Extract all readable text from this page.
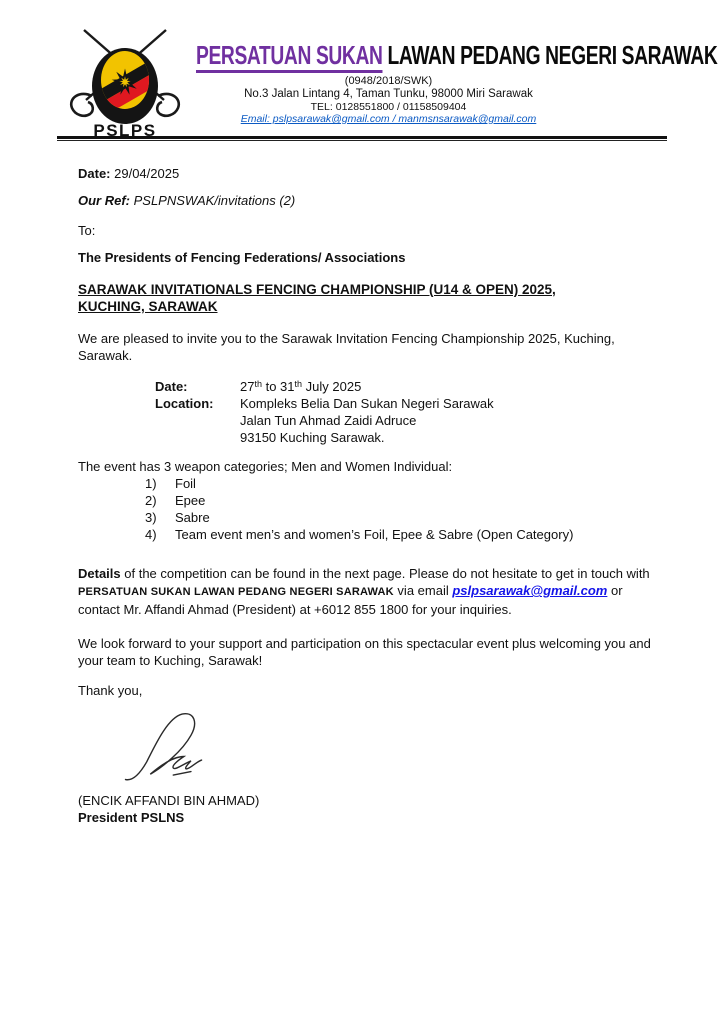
PSLPS
PERSATUAN SUKAN LAWAN PEDANG NEGERI SARAWAK
(0948/2018/SWK)
No.3 Jalan Lintang 4, Taman Tunku, 98000 Miri Sarawak
TEL: 0128551800 / 01158509404
Email: pslpsarawak@gmail.com / manmsnsarawak@gmail.com
Date: 29/04/2025
Our Ref: PSLPNSWAK/invitations (2)
To:
The Presidents of Fencing Federations/ Associations
SARAWAK INVITATIONALS FENCING CHAMPIONSHIP (U14 & OPEN) 2025,
KUCHING, SARAWAK
We are pleased to invite you to the Sarawak Invitation Fencing Championship 2025, Kuching, Sarawak.
Date:	27th to 31th July 2025
Location:	Kompleks Belia Dan Sukan Negeri Sarawak
Jalan Tun Ahmad Zaidi Adruce
93150 Kuching Sarawak.
The event has 3 weapon categories; Men and Women Individual:
1)	Foil
2)	Epee
3)	Sabre
4)	Team event men’s and women’s Foil, Epee & Sabre (Open Category)
Details of the competition can be found in the next page. Please do not hesitate to get in touch with PERSATUAN SUKAN LAWAN PEDANG NEGERI SARAWAK via email pslpsarawak@gmail.com or contact Mr. Affandi Ahmad (President) at +6012 855 1800 for your inquiries.
We look forward to your support and participation on this spectacular event plus welcoming you and your team to Kuching, Sarawak!
Thank you,
(ENCIK AFFANDI BIN AHMAD)
President PSLNS
